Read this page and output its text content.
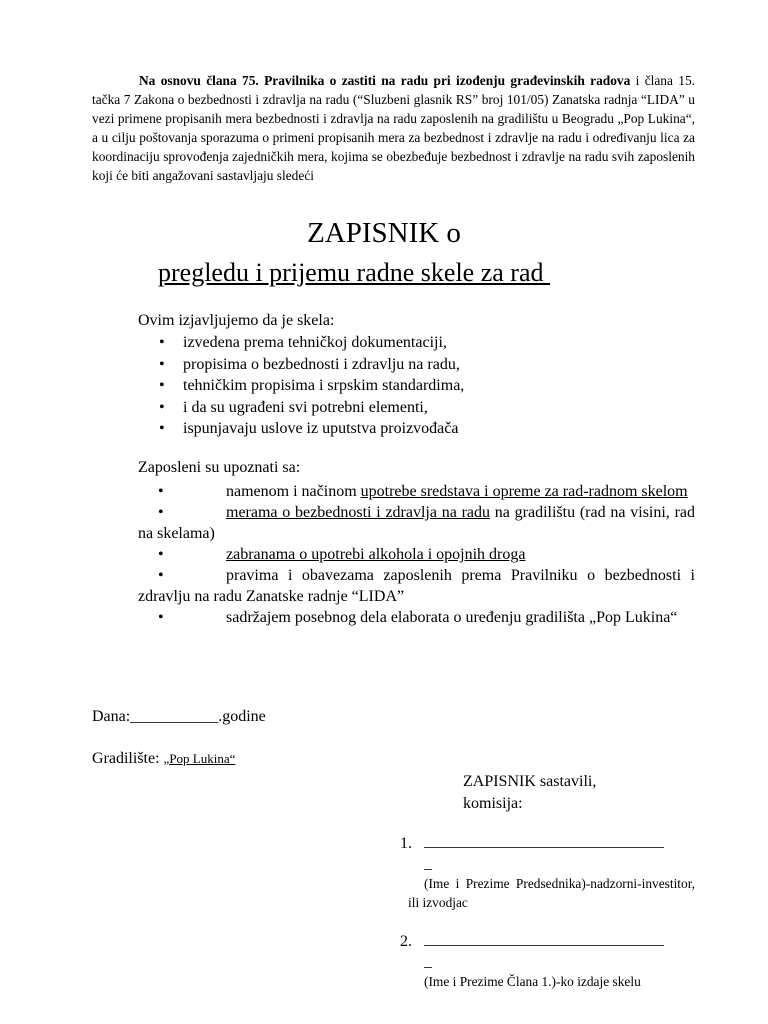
Na osnovu člana 75. Pravilnika o zastiti na radu pri izođenju građevinskih radova i člana 15. tačka 7 Zakona o bezbednosti i zdravlja na radu (“Sluzbeni glasnik RS” broj 101/05) Zanatska radnja “LIDA” u vezi primene propisanih mera bezbednosti i zdravlja na radu zaposlenih na gradilištu u Beogradu „Pop Lukina“, a u cilju poštovanja sporazuma o primeni propisanih mera za bezbednost i zdravlje na radu i određivanju lica za koordinaciju sprovođenja zajedničkih mera, kojima se obezbeđuje bezbednost i zdravlje na radu svih zaposlenih koji će biti angažovani sastavljaju sledeći
ZAPISNIK o
pregledu i prijemu radne skele za rad
Ovim izjavljujemo da je skela:
• izvedena prema tehničkoj dokumentaciji,
• propisima o bezbednosti i zdravlju na radu,
• tehničkim propisima i srpskim standardima,
• i da su ugrađeni svi potrebni elementi,
• ispunjavaju uslove iz uputstva proizvođača
Zaposleni su upoznati sa:
•	namenom i načinom upotrebe sredstava i opreme za rad-radnom skelom
•	merama o bezbednosti i zdravlja na radu na gradilištu (rad na visini, rad na skelama)
•	zabranama o upotrebi alkohola i opojnih droga
•	pravima i obavezama zaposlenih prema Pravilniku o bezbednosti i zdravlju na radu Zanatske radnje “LIDA”
•	sadržajem posebnog dela elaborata o uređenju gradilišta „Pop Lukina“
Dana:___________.godine
Gradilište: „Pop Lukina“
ZAPISNIK sastavili,
komisija:
1. ______________________________
_
(Ime i Prezime Predsednika)-nadzorni-investitor, ili izvodjac
2. ______________________________
_
(Ime i Prezime Člana 1.)-ko izdaje skelu
